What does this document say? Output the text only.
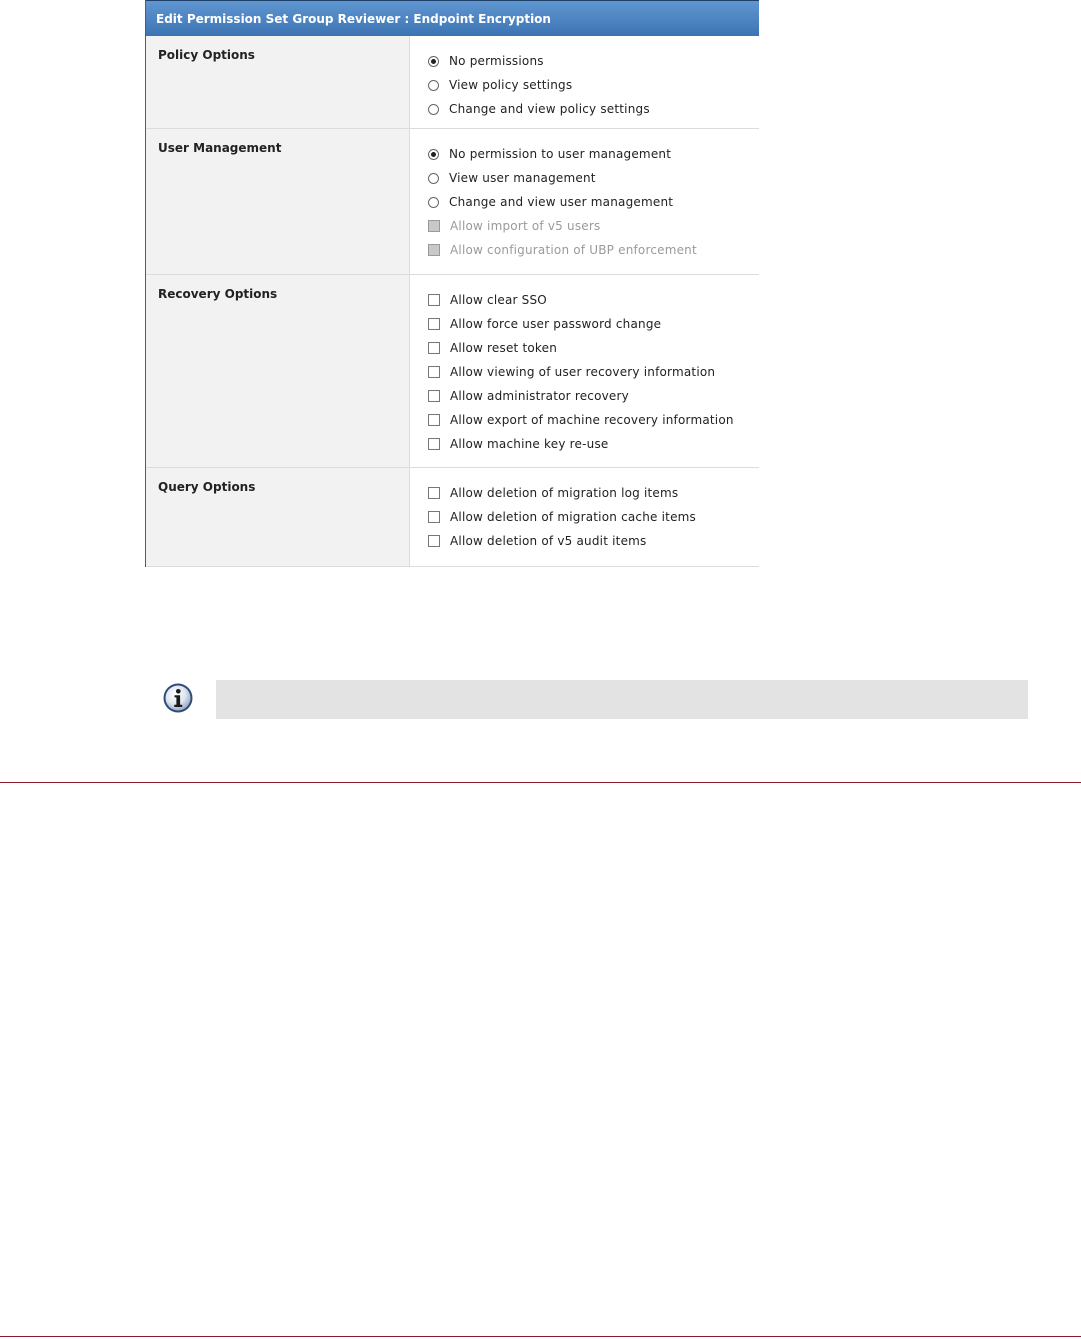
Edit Permission Set Group Reviewer : Endpoint Encryption
Policy Options	No permissions
View policy settings
Change and view policy settings
User Management	No permission to user management
View user management
Change and view user management
Allow import of v5 users
Allow configuration of UBP enforcement
Recovery Options	Allow clear SSO
Allow force user password change
Allow reset token
Allow viewing of user recovery information
Allow administrator recovery
Allow export of machine recovery information
Allow machine key re-use
Query Options	Allow deletion of migration log items
Allow deletion of migration cache items
Allow deletion of v5 audit items
